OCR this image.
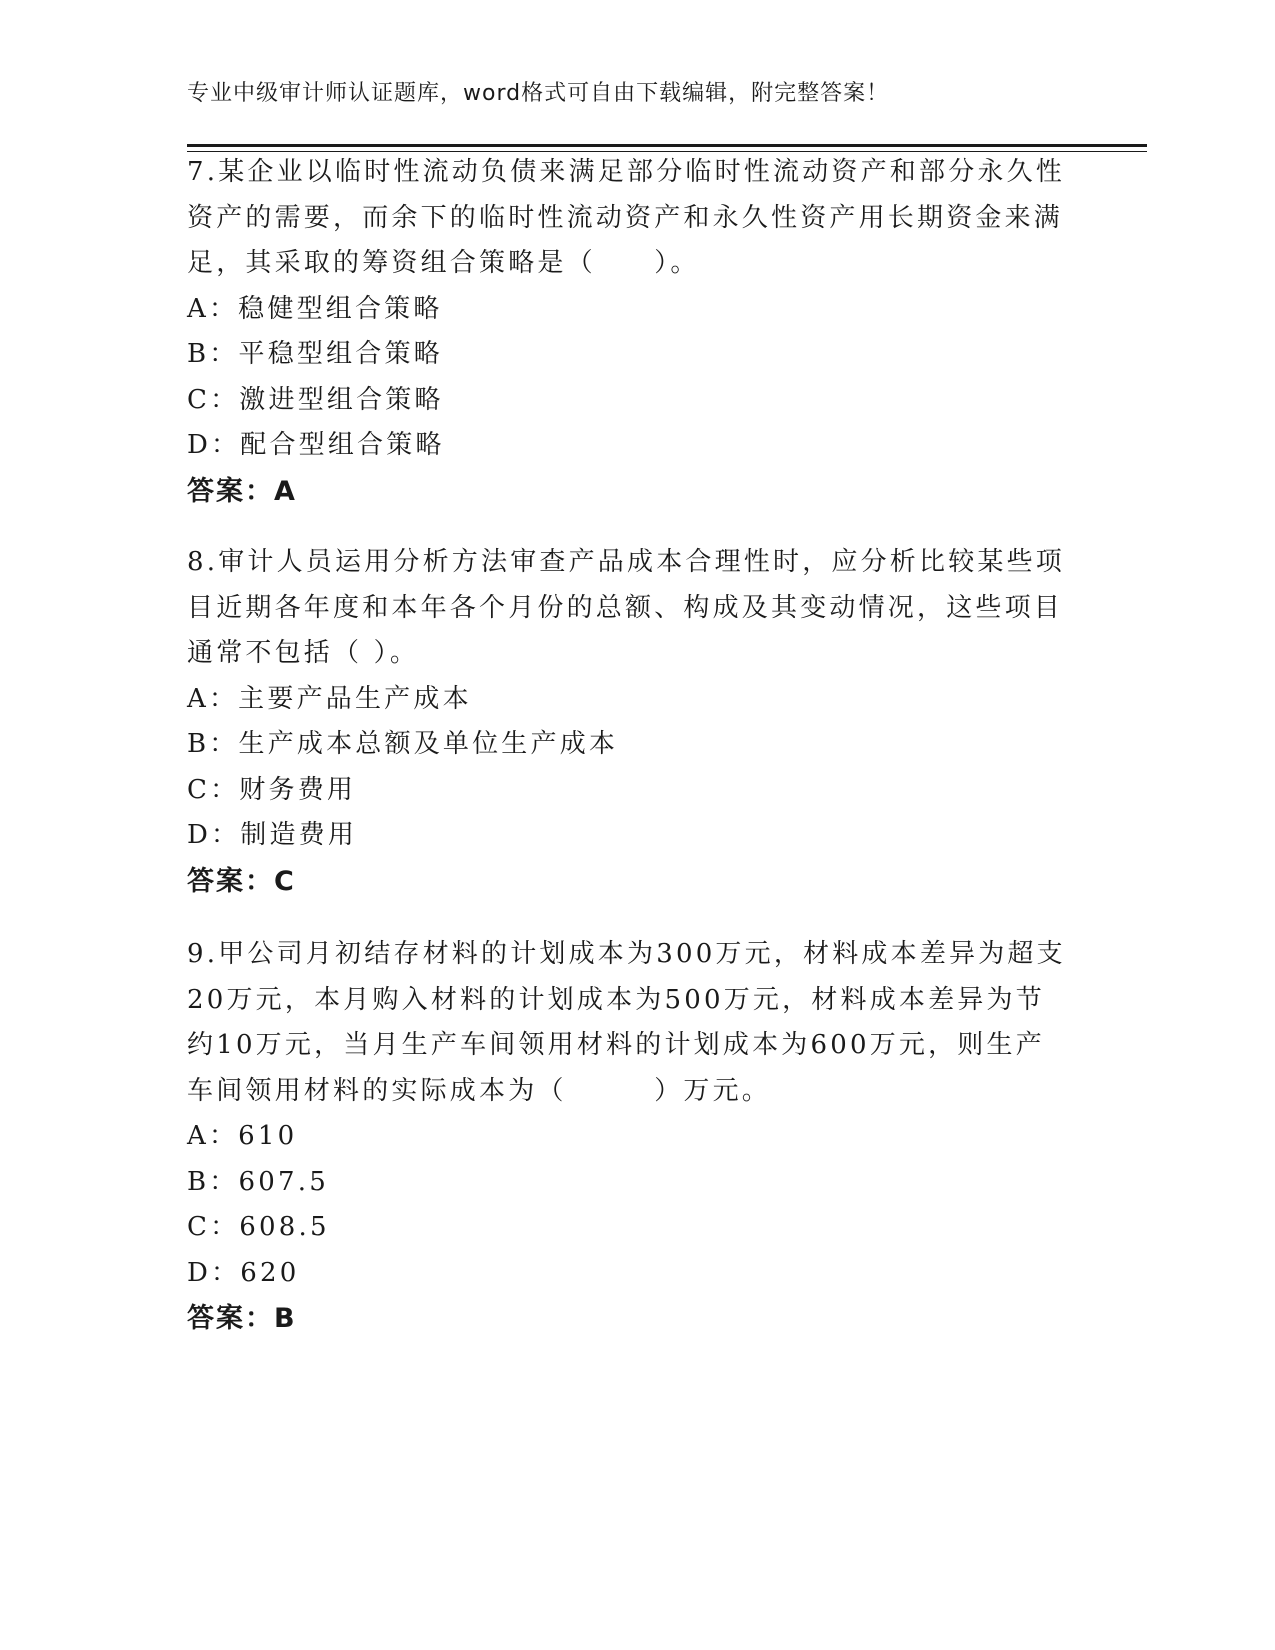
专业中级审计师认证题库，word格式可自由下载编辑，附完整答案！

7.某企业以临时性流动负债来满足部分临时性流动资产和部分永久性资产的需要，而余下的临时性流动资产和永久性资产用长期资金来满足，其采取的筹资组合策略是（　　）。

A：稳健型组合策略

B：平稳型组合策略

C：激进型组合策略

D：配合型组合策略

答案：A

8.审计人员运用分析方法审查产品成本合理性时，应分析比较某些项目近期各年度和本年各个月份的总额、构成及其变动情况，这些项目通常不包括（ ）。

A：主要产品生产成本

B：生产成本总额及单位生产成本

C：财务费用

D：制造费用

答案：C

9.甲公司月初结存材料的计划成本为300万元，材料成本差异为超支20万元，本月购入材料的计划成本为500万元，材料成本差异为节约10万元，当月生产车间领用材料的计划成本为600万元，则生产车间领用材料的实际成本为（　　　）万元。

A：610

B：607.5

C：608.5

D：620

答案：B
